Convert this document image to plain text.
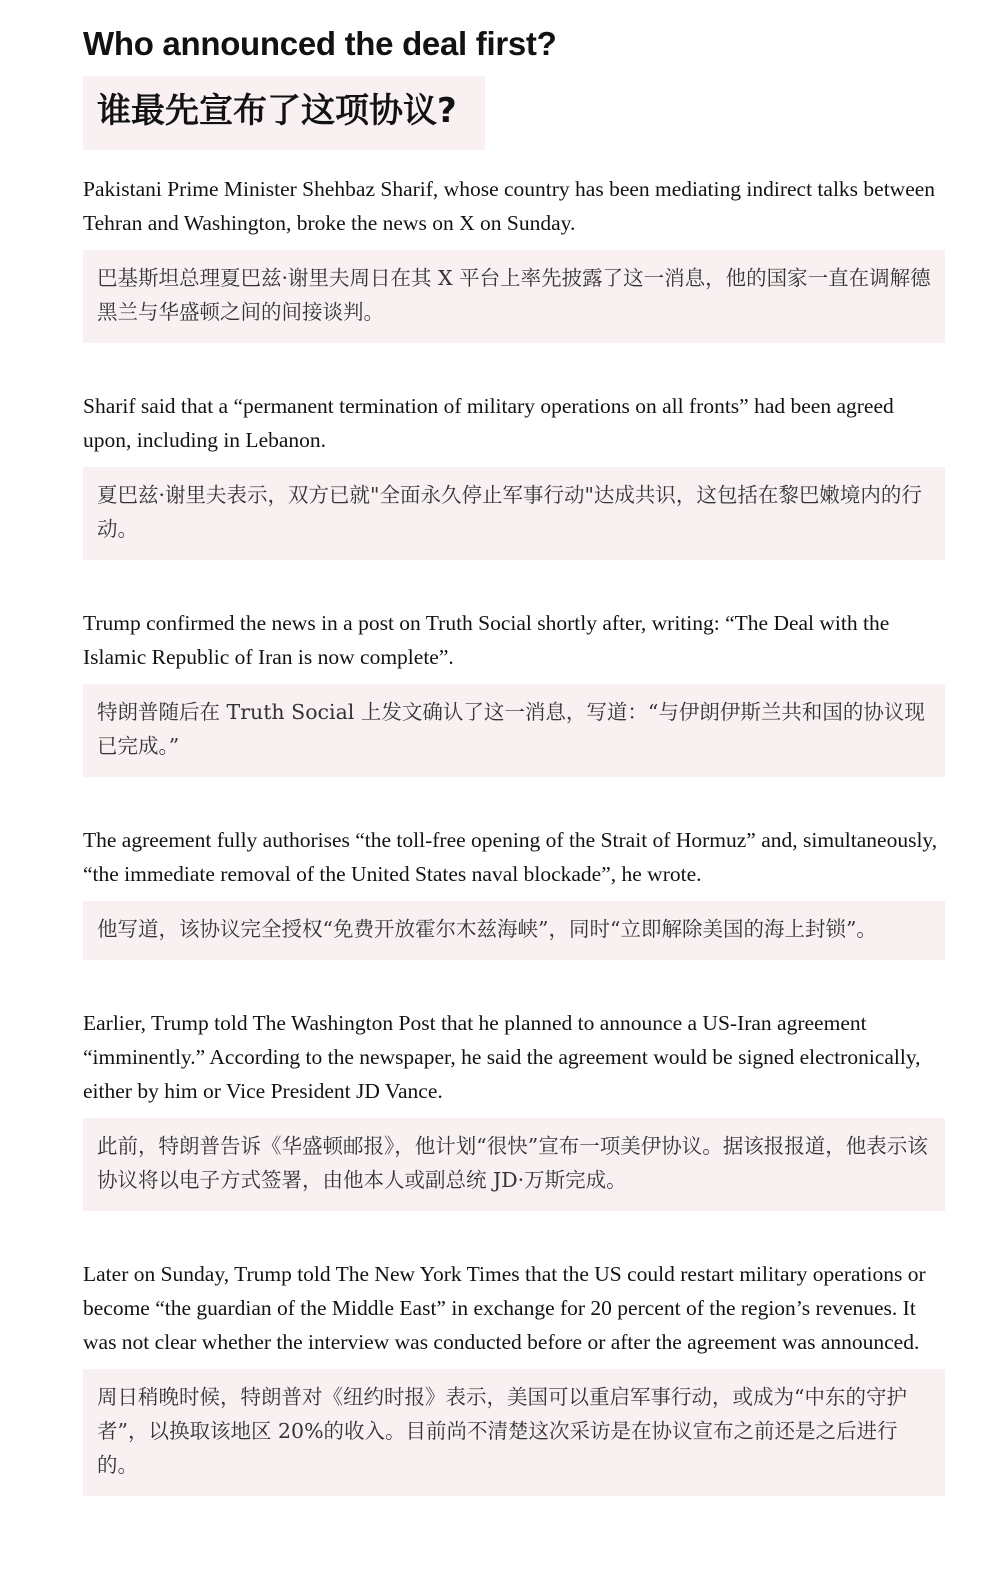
Who announced the deal first?
谁最先宣布了这项协议?

Pakistani Prime Minister Shehbaz Sharif, whose country has been mediating indirect talks between Tehran and Washington, broke the news on X on Sunday.

巴基斯坦总理夏巴兹·谢里夫周日在其 X 平台上率先披露了这一消息，他的国家一直在调解德黑兰与华盛顿之间的间接谈判。

Sharif said that a “permanent termination of military operations on all fronts” had been agreed upon, including in Lebanon.

夏巴兹·谢里夫表示，双方已就"全面永久停止军事行动"达成共识，这包括在黎巴嫩境内的行动。

Trump confirmed the news in a post on Truth Social shortly after, writing: “The Deal with the Islamic Republic of Iran is now complete”.

特朗普随后在 Truth Social 上发文确认了这一消息，写道：“与伊朗伊斯兰共和国的协议现已完成。”

The agreement fully authorises “the toll-free opening of the Strait of Hormuz” and, simultaneously, “the immediate removal of the United States naval blockade”, he wrote.

他写道，该协议完全授权“免费开放霍尔木兹海峡”，同时“立即解除美国的海上封锁”。

Earlier, Trump told The Washington Post that he planned to announce a US-Iran agreement “imminently.” According to the newspaper, he said the agreement would be signed electronically, either by him or Vice President JD Vance.

此前，特朗普告诉《华盛顿邮报》，他计划“很快”宣布一项美伊协议。据该报报道，他表示该协议将以电子方式签署，由他本人或副总统 JD·万斯完成。

Later on Sunday, Trump told The New York Times that the US could restart military operations or become “the guardian of the Middle East” in exchange for 20 percent of the region’s revenues. It was not clear whether the interview was conducted before or after the agreement was announced.

周日稍晚时候，特朗普对《纽约时报》表示，美国可以重启军事行动，或成为“中东的守护者”，以换取该地区 20%的收入。目前尚不清楚这次采访是在协议宣布之前还是之后进行的。
